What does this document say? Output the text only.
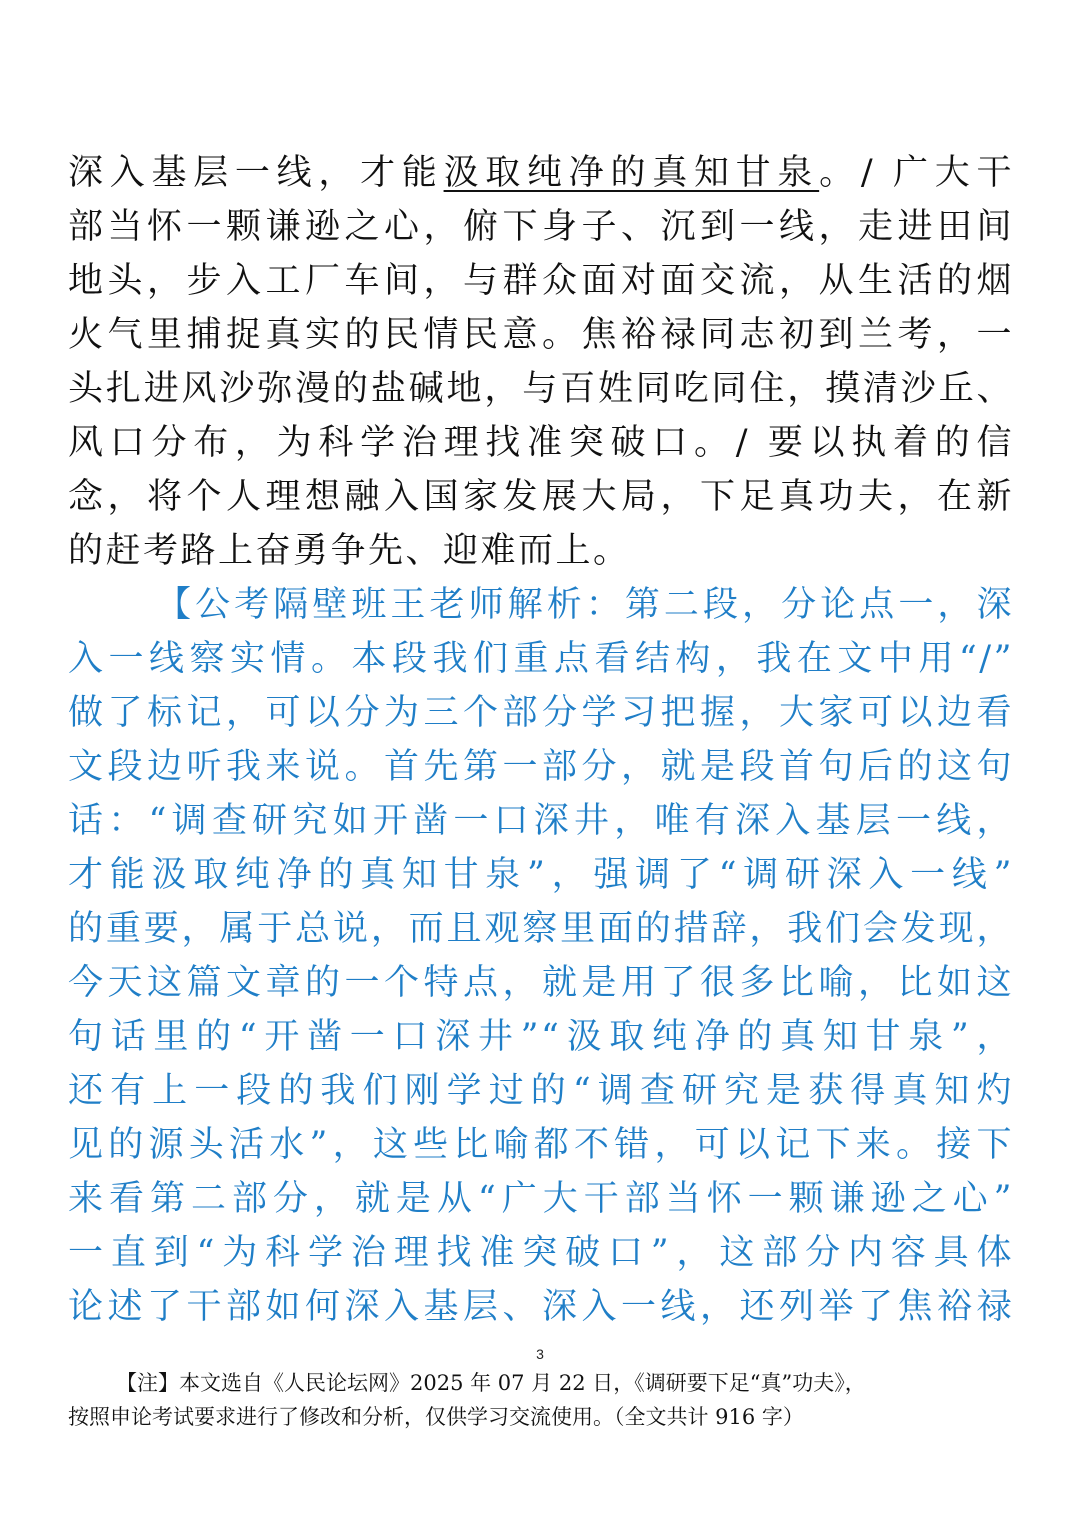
深入基层一线，才能汲取纯净的真知甘泉。/ 广大干
部当怀一颗谦逊之心，俯下身子、沉到一线，走进田间
地头，步入工厂车间，与群众面对面交流，从生活的烟
火气里捕捉真实的民情民意。焦裕禄同志初到兰考，一
头扎进风沙弥漫的盐碱地，与百姓同吃同住，摸清沙丘、
风口分布，为科学治理找准突破口。/ 要以执着的信
念，将个人理想融入国家发展大局，下足真功夫，在新
的赶考路上奋勇争先、迎难而上。
【公考隔壁班王老师解析：第二段，分论点一，深
入一线察实情。本段我们重点看结构，我在文中用“/”
做了标记，可以分为三个部分学习把握，大家可以边看
文段边听我来说。首先第一部分，就是段首句后的这句
话：“调查研究如开凿一口深井，唯有深入基层一线，
才能汲取纯净的真知甘泉”，强调了“调研深入一线”
的重要，属于总说，而且观察里面的措辞，我们会发现，
今天这篇文章的一个特点，就是用了很多比喻，比如这
句话里的“开凿一口深井”“汲取纯净的真知甘泉”，
还有上一段的我们刚学过的“调查研究是获得真知灼
见的源头活水”，这些比喻都不错，可以记下来。接下
来看第二部分，就是从“广大干部当怀一颗谦逊之心”
一直到“为科学治理找准突破口”，这部分内容具体
论述了干部如何深入基层、深入一线，还列举了焦裕禄
3
【注】本文选自《人民论坛网》2025 年 07 月 22 日，《调研要下足“真”功夫》，
按照申论考试要求进行了修改和分析，仅供学习交流使用。（全文共计 916 字）
